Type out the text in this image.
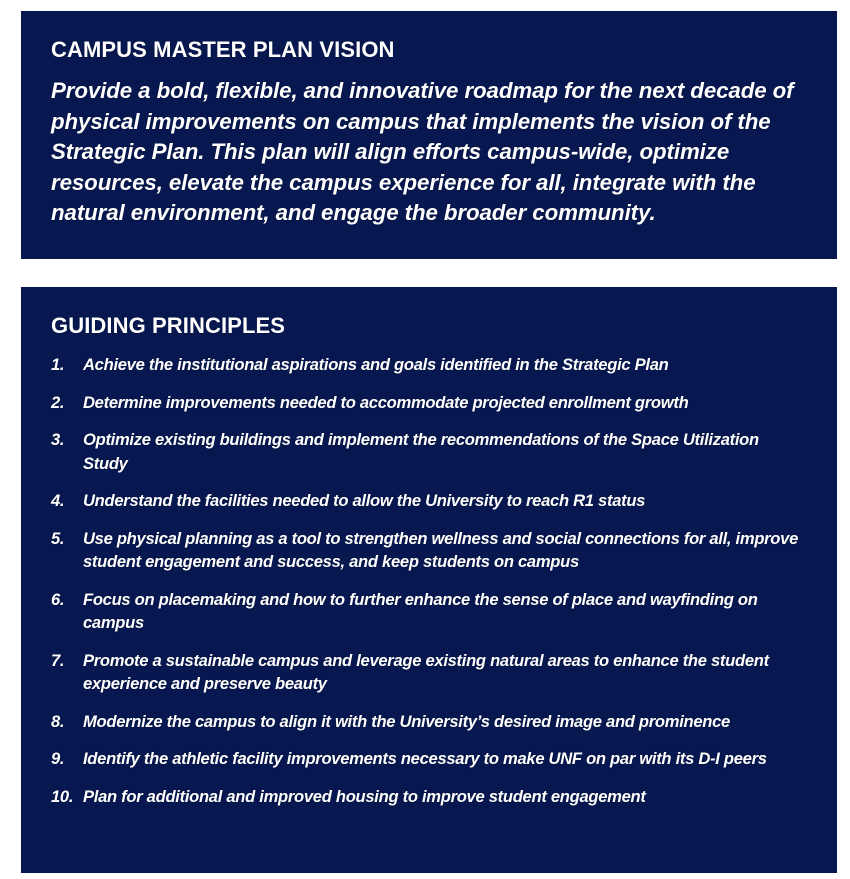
CAMPUS MASTER PLAN VISION

Provide a bold, flexible, and innovative roadmap for the next decade of physical improvements on campus that implements the vision of the Strategic Plan. This plan will align efforts campus-wide, optimize resources, elevate the campus experience for all, integrate with the natural environment, and engage the broader community.

GUIDING PRINCIPLES
1.	Achieve the institutional aspirations and goals identified in the Strategic Plan
2.	Determine improvements needed to accommodate projected enrollment growth
3.	Optimize existing buildings and implement the recommendations of the Space Utilization Study
4.	Understand the facilities needed to allow the University to reach R1 status
5.	Use physical planning as a tool to strengthen wellness and social connections for all, improve student engagement and success, and keep students on campus
6.	Focus on placemaking and how to further enhance the sense of place and wayfinding on campus
7.	Promote a sustainable campus and leverage existing natural areas to enhance the student experience and preserve beauty
8.	Modernize the campus to align it with the University’s desired image and prominence
9.	Identify the athletic facility improvements necessary to make UNF on par with its D-I peers
10. Plan for additional and improved housing to improve student engagement
